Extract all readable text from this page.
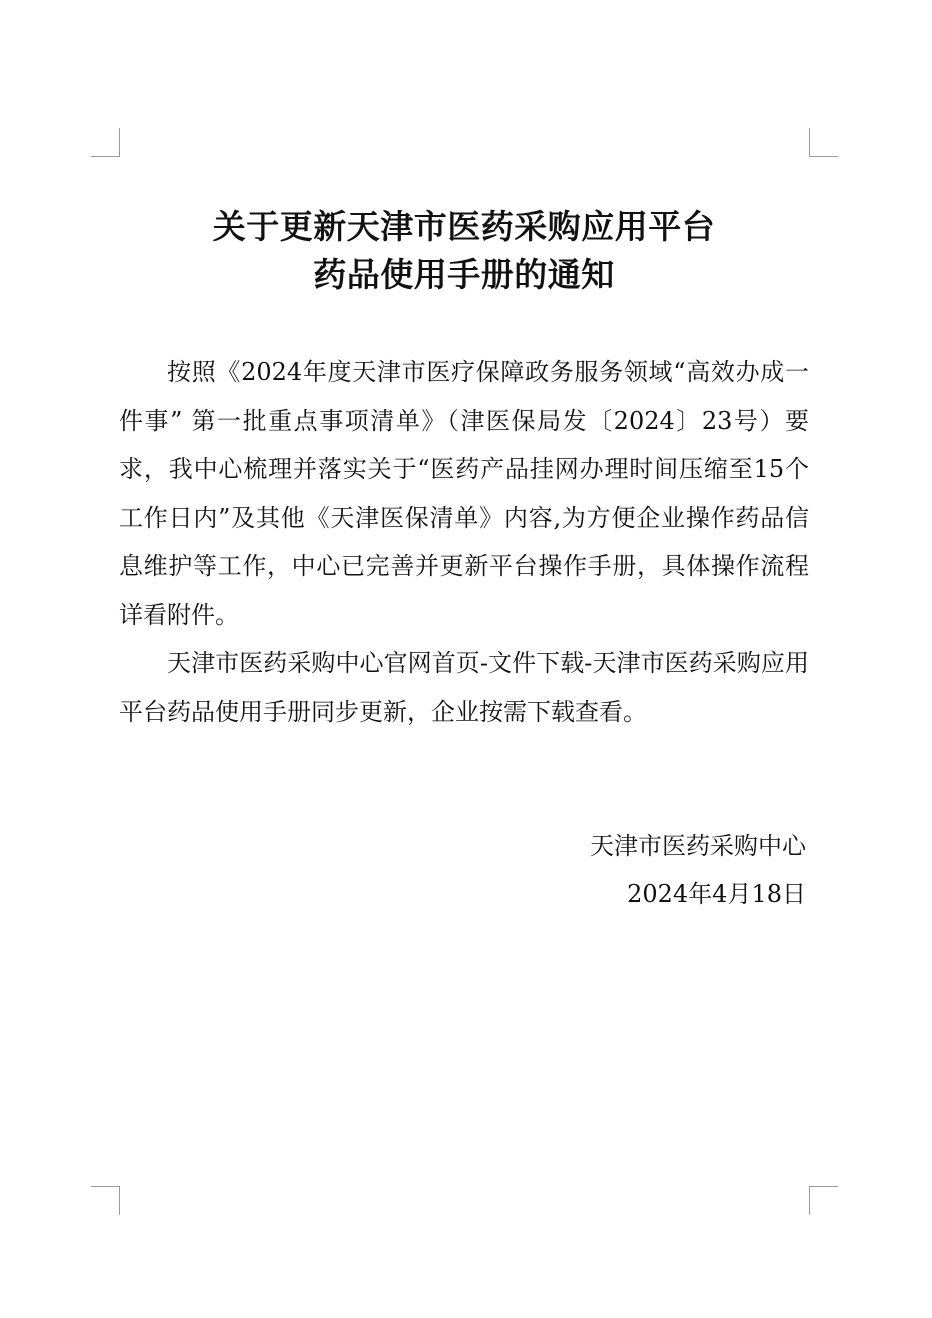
关于更新天津市医药采购应用平台
药品使用手册的通知

按照《2024年度天津市医疗保障政务服务领域“高效办成一件事” 第一批重点事项清单》（津医保局发〔2024〕23号）要求，我中心梳理并落实关于“医药产品挂网办理时间压缩至15个工作日内”及其他《天津医保清单》内容,为方便企业操作药品信息维护等工作，中心已完善并更新平台操作手册，具体操作流程详看附件。

天津市医药采购中心官网首页-文件下载-天津市医药采购应用平台药品使用手册同步更新，企业按需下载查看。

天津市医药采购中心
2024年4月18日
